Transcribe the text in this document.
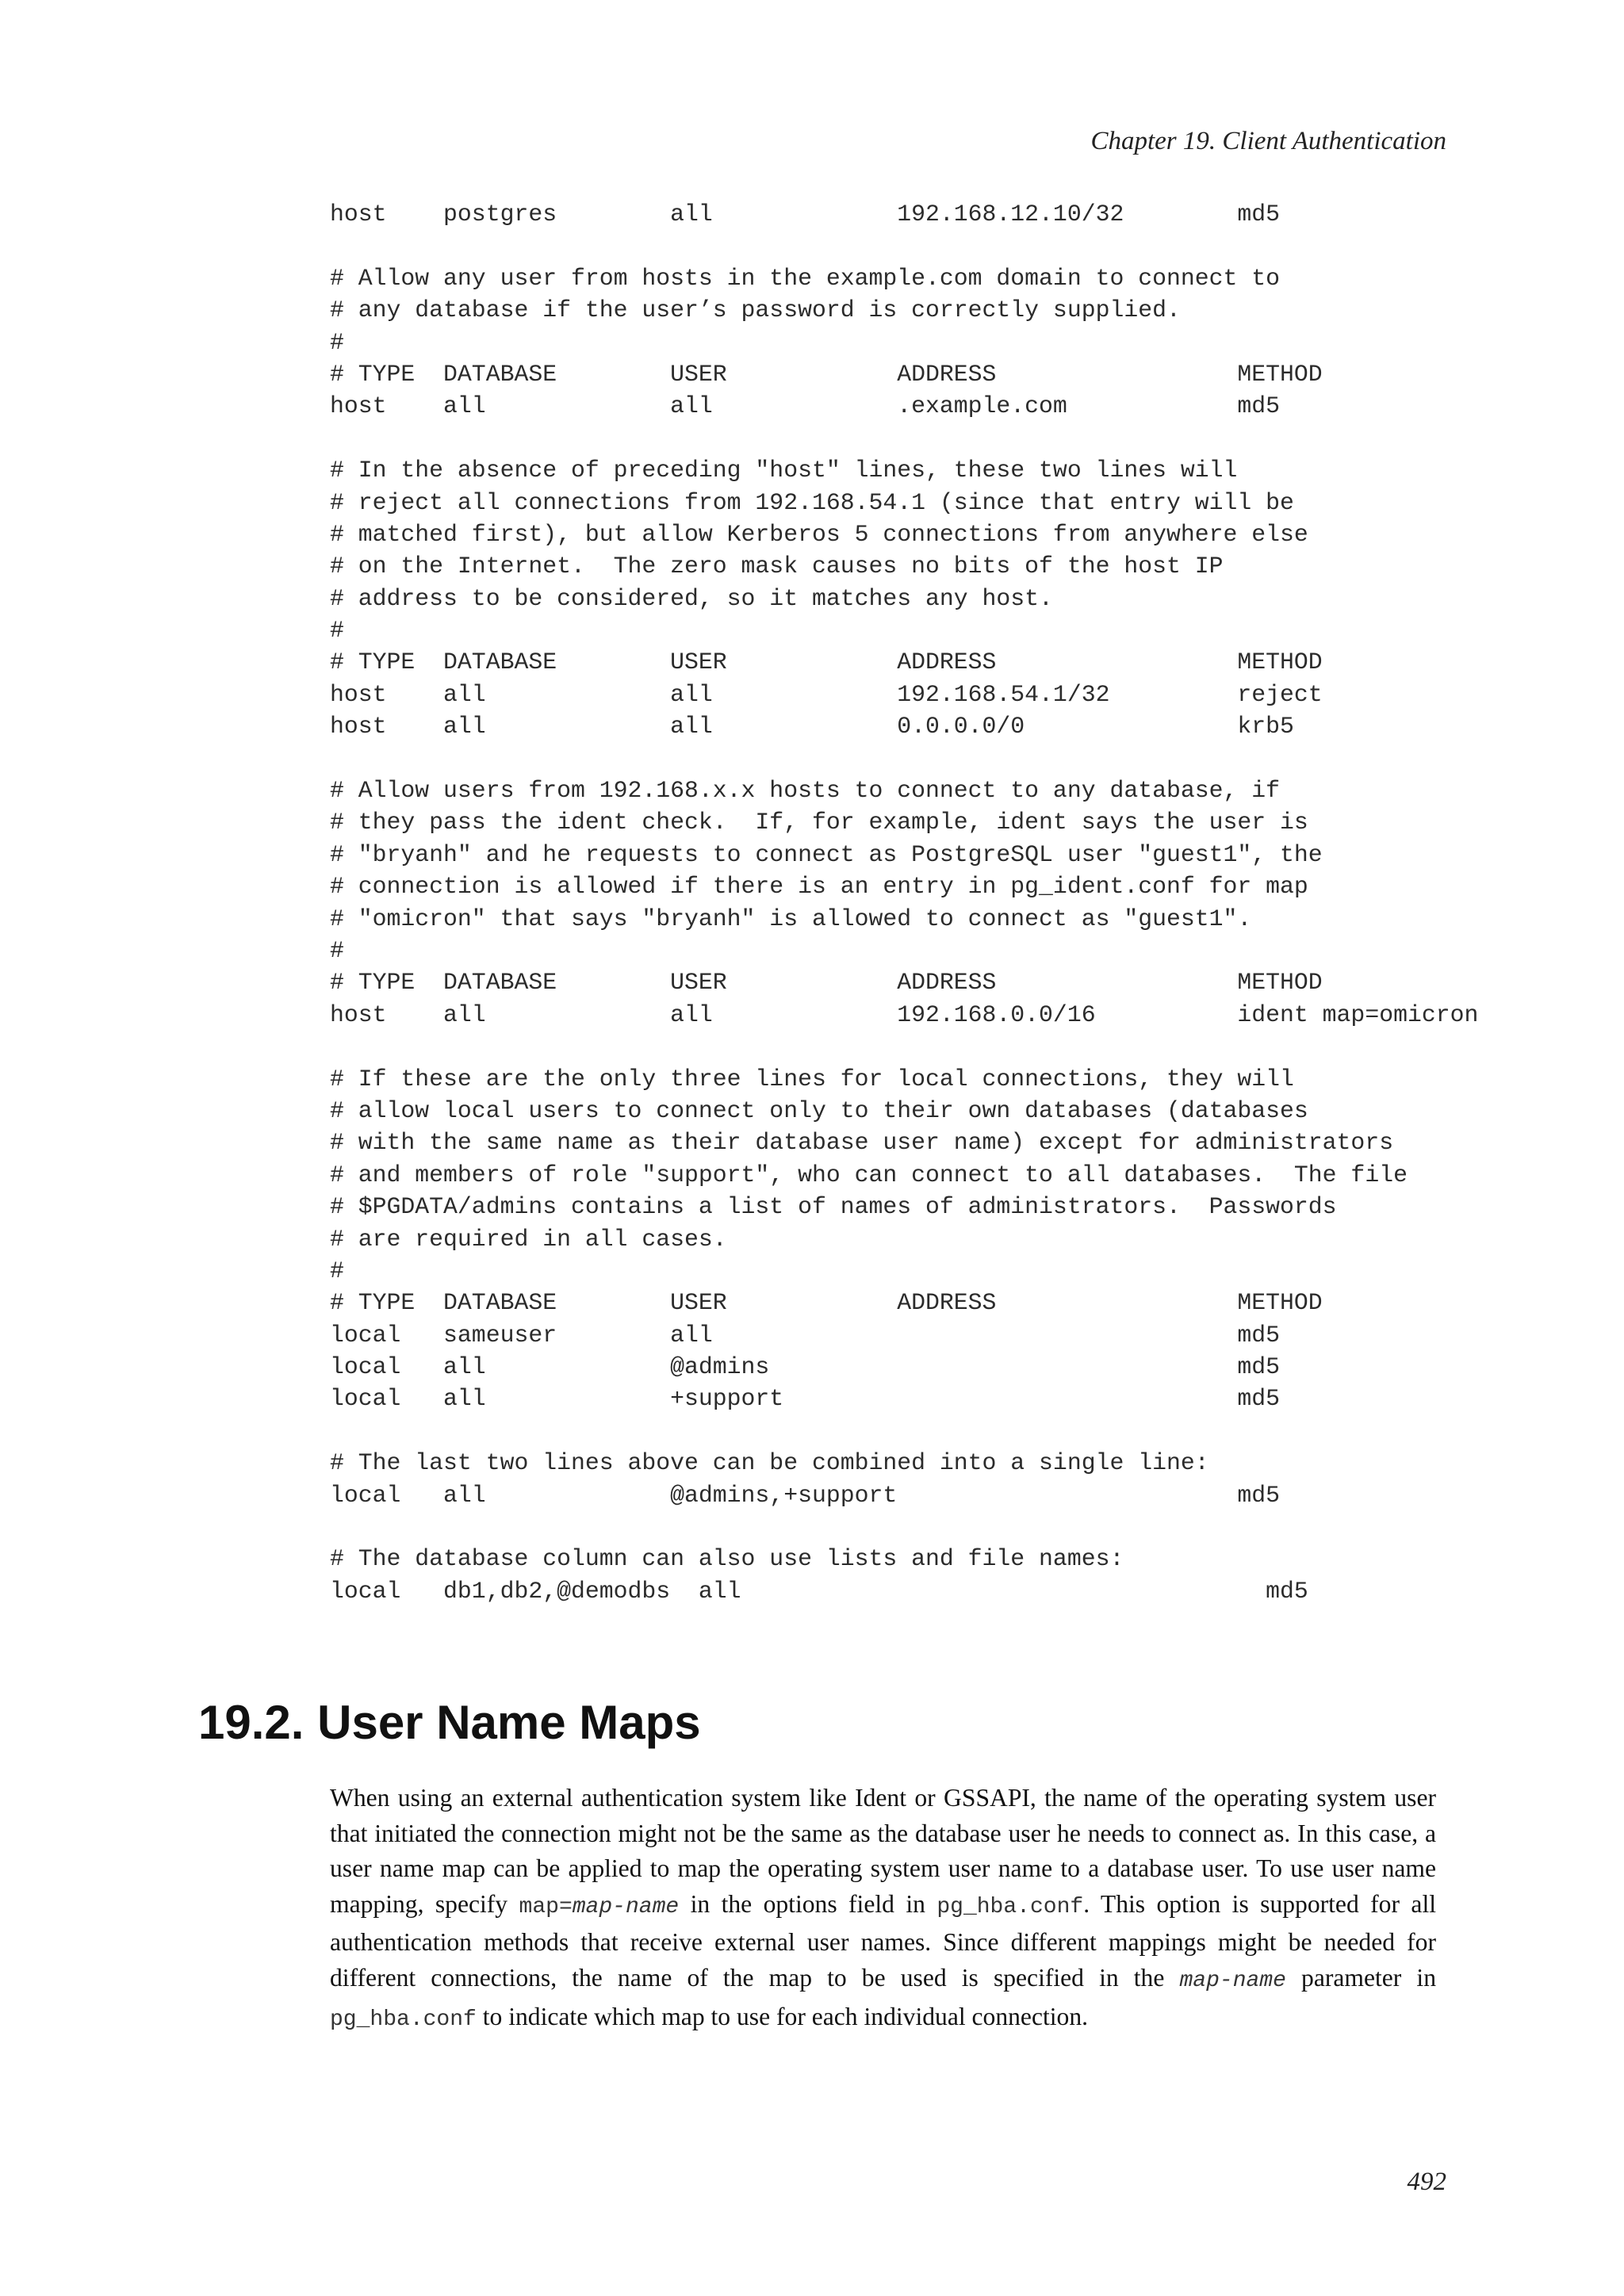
Chapter 19. Client Authentication
host    postgres        all             192.168.12.10/32        md5
# Allow any user from hosts in the example.com domain to connect to
# any database if the user’s password is correctly supplied.
#
# TYPE  DATABASE        USER            ADDRESS                 METHOD
host    all             all             .example.com            md5
# In the absence of preceding "host" lines, these two lines will
# reject all connections from 192.168.54.1 (since that entry will be
# matched first), but allow Kerberos 5 connections from anywhere else
# on the Internet.  The zero mask causes no bits of the host IP
# address to be considered, so it matches any host.
#
# TYPE  DATABASE        USER            ADDRESS                 METHOD
host    all             all             192.168.54.1/32         reject
host    all             all             0.0.0.0/0               krb5
# Allow users from 192.168.x.x hosts to connect to any database, if
# they pass the ident check.  If, for example, ident says the user is
# "bryanh" and he requests to connect as PostgreSQL user "guest1", the
# connection is allowed if there is an entry in pg_ident.conf for map
# "omicron" that says "bryanh" is allowed to connect as "guest1".
#
# TYPE  DATABASE        USER            ADDRESS                 METHOD
host    all             all             192.168.0.0/16          ident map=omicron
# If these are the only three lines for local connections, they will
# allow local users to connect only to their own databases (databases
# with the same name as their database user name) except for administrators
# and members of role "support", who can connect to all databases.  The file
# $PGDATA/admins contains a list of names of administrators.  Passwords
# are required in all cases.
#
# TYPE  DATABASE        USER            ADDRESS                 METHOD
local   sameuser        all                                     md5
local   all             @admins                                 md5
local   all             +support                                md5
# The last two lines above can be combined into a single line:
local   all             @admins,+support                        md5
# The database column can also use lists and file names:
local   db1,db2,@demodbs  all                                     md5
19.2. User Name Maps

When using an external authentication system like Ident or GSSAPI, the name of the operating system user that initiated the connection might not be the same as the database user he needs to connect as. In this case, a user name map can be applied to map the operating system user name to a database user. To use user name mapping, specify map=map-name in the options field in pg_hba.conf. This option is supported for all authentication methods that receive external user names. Since different mappings might be needed for different connections, the name of the map to be used is specified in the map-name parameter in pg_hba.conf to indicate which map to use for each individual connection.

492
